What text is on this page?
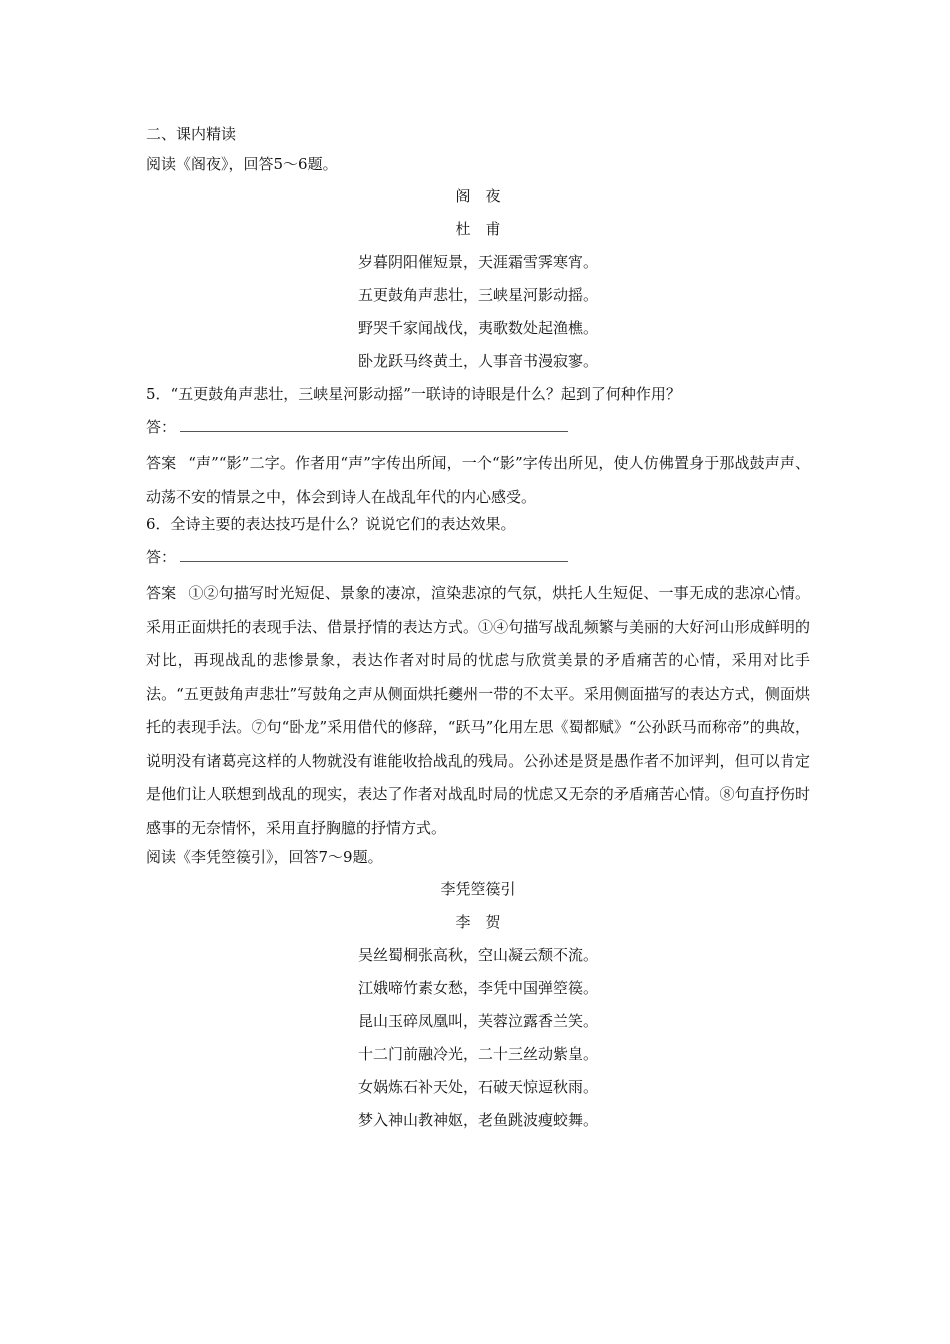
二、课内精读

阅读《阁夜》，回答5～6题。

阁　夜

杜　甫

岁暮阴阳催短景，天涯霜雪霁寒宵。

五更鼓角声悲壮，三峡星河影动摇。

野哭千家闻战伐，夷歌数处起渔樵。

卧龙跃马终黄土，人事音书漫寂寥。

5．“五更鼓角声悲壮，三峡星河影动摇”一联诗的诗眼是什么？起到了何种作用？

答：

答案 “声”“影”二字。作者用“声”字传出所闻，一个“影”字传出所见，使人仿佛置身于那战鼓声声、动荡不安的情景之中，体会到诗人在战乱年代的内心感受。

6．全诗主要的表达技巧是什么？说说它们的表达效果。

答：

答案 ①②句描写时光短促、景象的凄凉，渲染悲凉的气氛，烘托人生短促、一事无成的悲凉心情。采用正面烘托的表现手法、借景抒情的表达方式。①④句描写战乱频繁与美丽的大好河山形成鲜明的对比，再现战乱的悲惨景象，表达作者对时局的忧虑与欣赏美景的矛盾痛苦的心情，采用对比手法。“五更鼓角声悲壮”写鼓角之声从侧面烘托夔州一带的不太平。采用侧面描写的表达方式，侧面烘托的表现手法。⑦句“卧龙”采用借代的修辞，“跃马”化用左思《蜀都赋》“公孙跃马而称帝”的典故，说明没有诸葛亮这样的人物就没有谁能收拾战乱的残局。公孙述是贤是愚作者不加评判，但可以肯定是他们让人联想到战乱的现实，表达了作者对战乱时局的忧虑又无奈的矛盾痛苦心情。⑧句直抒伤时感事的无奈情怀，采用直抒胸臆的抒情方式。

阅读《李凭箜篌引》，回答7～9题。

李凭箜篌引

李　贺

吴丝蜀桐张高秋，空山凝云颓不流。

江娥啼竹素女愁，李凭中国弹箜篌。

昆山玉碎凤凰叫，芙蓉泣露香兰笑。

十二门前融冷光，二十三丝动紫皇。

女娲炼石补天处，石破天惊逗秋雨。

梦入神山教神妪，老鱼跳波瘦蛟舞。
